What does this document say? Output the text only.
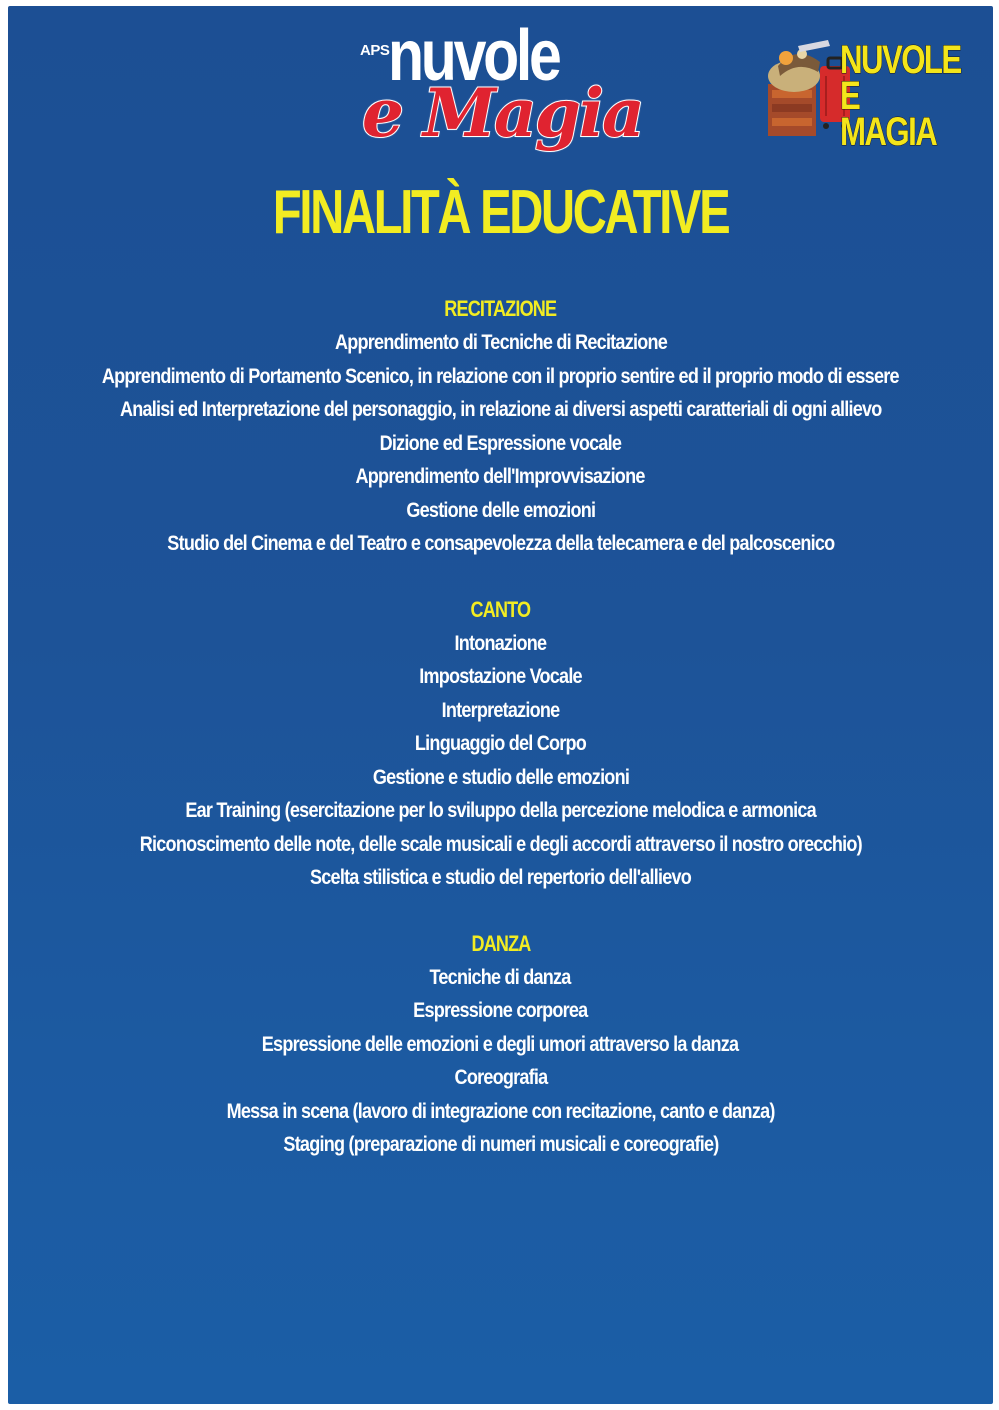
APS
nuvole
e Magia
NUVOLE
E MAGIA
FINALITÀ EDUCATIVE
RECITAZIONE
Apprendimento di Tecniche di Recitazione
Apprendimento di Portamento Scenico, in relazione con il proprio sentire ed il proprio modo di essere
Analisi ed Interpretazione del personaggio, in relazione ai diversi aspetti caratteriali di ogni allievo
Dizione ed Espressione vocale
Apprendimento dell'Improvvisazione
Gestione delle emozioni
Studio del Cinema e del Teatro e consapevolezza della telecamera e del palcoscenico
CANTO
Intonazione
Impostazione Vocale
Interpretazione
Linguaggio del Corpo
Gestione e studio delle emozioni
Ear Training (esercitazione per lo sviluppo della percezione melodica e armonica
Riconoscimento delle note, delle scale musicali e degli accordi attraverso il nostro orecchio)
Scelta stilistica e studio del repertorio dell'allievo
DANZA
Tecniche di danza
Espressione corporea
Espressione delle emozioni e degli umori attraverso la danza
Coreografia
Messa in scena (lavoro di integrazione con recitazione, canto e danza)
Staging (preparazione di numeri musicali e coreografie)
